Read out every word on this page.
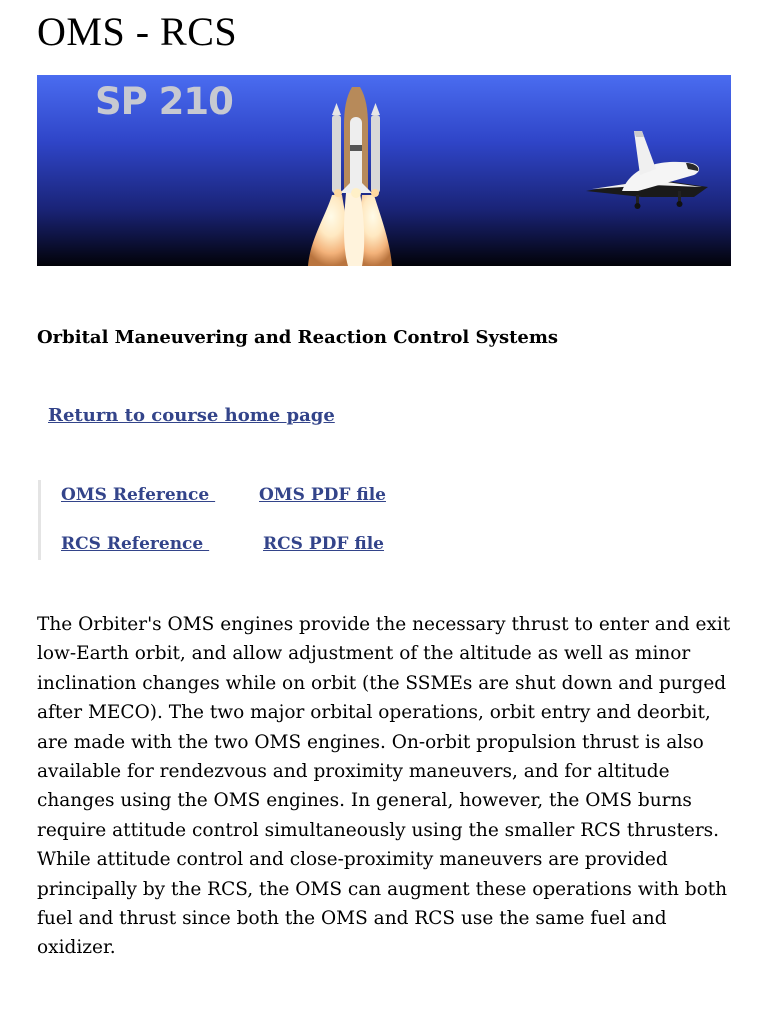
OMS - RCS
SP 210
Orbital Maneuvering and Reaction Control Systems
Return to course home page
OMS Reference	OMS PDF file
RCS Reference	RCS PDF file

The Orbiter's OMS engines provide the necessary thrust to enter and exit low-Earth orbit, and allow adjustment of the altitude as well as minor inclination changes while on orbit (the SSMEs are shut down and purged after MECO). The two major orbital operations, orbit entry and deorbit, are made with the two OMS engines. On-orbit propulsion thrust is also available for rendezvous and proximity maneuvers, and for altitude changes using the OMS engines. In general, however, the OMS burns require attitude control simultaneously using the smaller RCS thrusters. While attitude control and close-proximity maneuvers are provided principally by the RCS, the OMS can augment these operations with both fuel and thrust since both the OMS and RCS use the same fuel and oxidizer.
